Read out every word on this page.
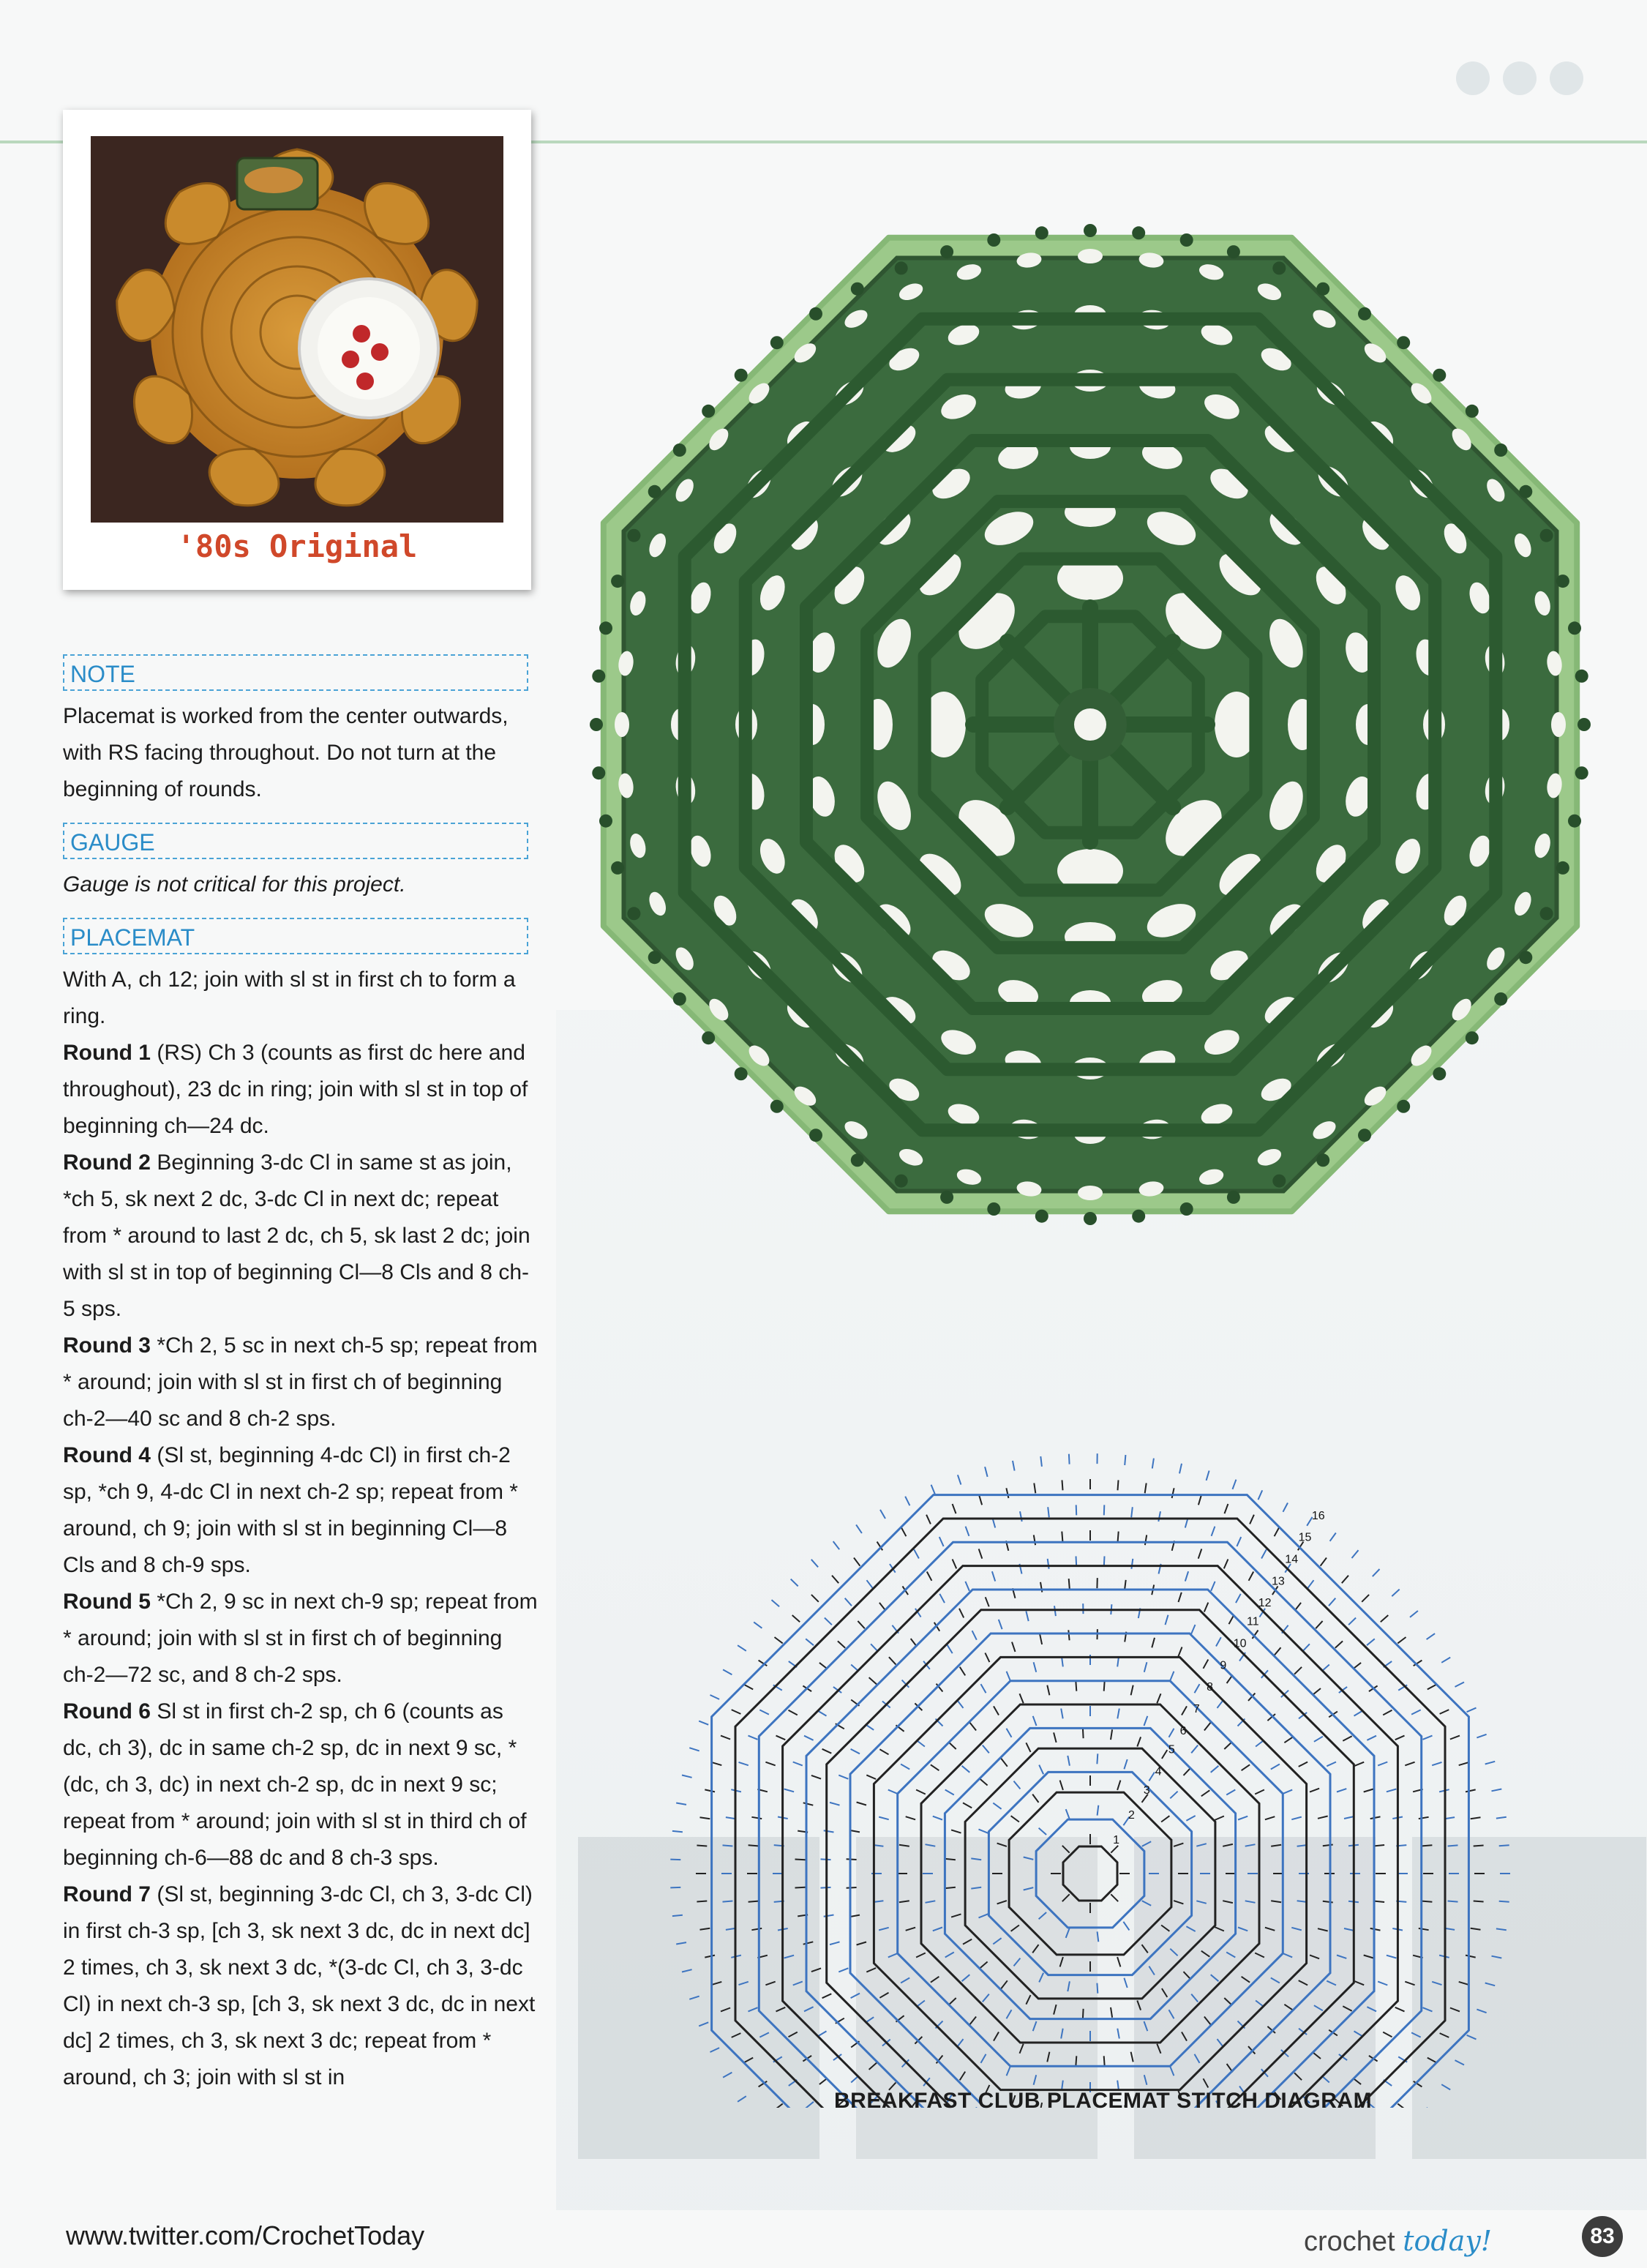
'80s Original
NOTE

Placemat is worked from the center outwards, with RS facing throughout. Do not turn at the beginning of rounds.

GAUGE

Gauge is not critical for this project.

PLACEMAT

With A, ch 12; join with sl st in first ch to form a ring.

Round 1 (RS) Ch 3 (counts as first dc here and throughout), 23 dc in ring; join with sl st in top of beginning ch—24 dc.

Round 2 Beginning 3-dc Cl in same st as join, *ch 5, sk next 2 dc, 3-dc Cl in next dc; repeat from * around to last 2 dc, ch 5, sk last 2 dc; join with sl st in top of beginning Cl—8 Cls and 8 ch-5 sps.

Round 3 *Ch 2, 5 sc in next ch-5 sp; repeat from * around; join with sl st in first ch of beginning ch-2—40 sc and 8 ch-2 sps.

Round 4 (Sl st, beginning 4-dc Cl) in first ch-2 sp, *ch 9, 4-dc Cl in next ch-2 sp; repeat from * around, ch 9; join with sl st in beginning Cl—8 Cls and 8 ch-9 sps.

Round 5 *Ch 2, 9 sc in next ch-9 sp; repeat from * around; join with sl st in first ch of beginning ch-2—72 sc, and 8 ch-2 sps.

Round 6 Sl st in first ch-2 sp, ch 6 (counts as dc, ch 3), dc in same ch-2 sp, dc in next 9 sc, *(dc, ch 3, dc) in next ch-2 sp, dc in next 9 sc; repeat from * around; join with sl st in third ch of beginning ch-6—88 dc and 8 ch-3 sps.

Round 7 (Sl st, beginning 3-dc Cl, ch 3, 3-dc Cl) in first ch-3 sp, [ch 3, sk next 3 dc, dc in next dc] 2 times, ch 3, sk next 3 dc, *(3-dc Cl, ch 3, 3-dc Cl) in next ch-3 sp, [ch 3, sk next 3 dc, dc in next dc] 2 times, ch 3, sk next 3 dc; repeat from * around, ch 3; join with sl st in

1
2
3
4
5
6
7
8
9
10
11
12
13
14
15
16
BREAKFAST CLUB PLACEMAT STITCH DIAGRAM
www.twitter.com/CrochetToday	crochet today!	83
